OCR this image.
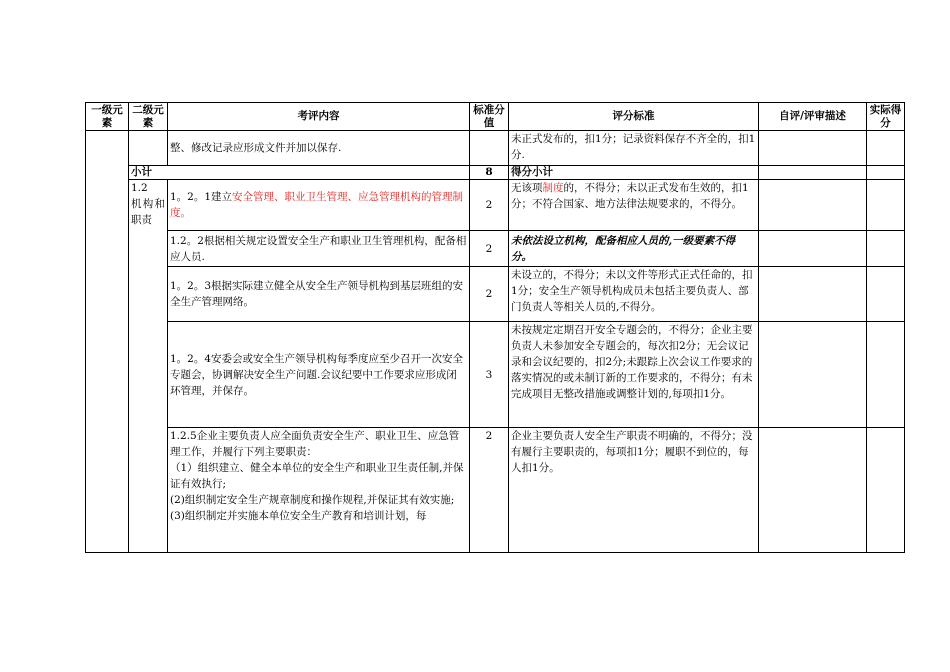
一级元素	二级元素	考评内容	标准分值	评分标准	自评/评审描述	实际得分
		整、修改记录应形成文件并加以保存.		未正式发布的，扣1分；记录资料保存不齐全的，扣1分.		
	小计		8	得分小计		
	1.2　机构和职责	1。2。1建立安全管理、职业卫生管理、应急管理机构的管理制度。	2	无该项制度的，不得分；未以正式发布生效的，扣1分；不符合国家、地方法律法规要求的，不得分。		
		1.2。2根据相关规定设置安全生产和职业卫生管理机构，配备相应人员.	2	未依法设立机构，配备相应人员的,一级要素不得分。		
		1。2。3根据实际建立健全从安全生产领导机构到基层班组的安全生产管理网络。	2	未设立的，不得分；未以文件等形式正式任命的，扣1分；安全生产领导机构成员未包括主要负责人、部门负责人等相关人员的,不得分。		
		1。2。4安委会或安全生产领导机构每季度应至少召开一次安全专题会，协调解决安全生产问题.会议纪要中工作要求应形成闭环管理，并保存。	3	未按规定定期召开安全专题会的，不得分；企业主要负责人未参加安全专题会的，每次扣2分；无会议记录和会议纪要的，扣2分;未跟踪上次会议工作要求的落实情况的或未制订新的工作要求的，不得分；有未完成项目无整改措施或调整计划的,每项扣1分。		

		1.2.5企业主要负责人应全面负责安全生产、职业卫生、应急管理工作，并履行下列主要职责：
（1）组织建立、健全本单位的安全生产和职业卫生责任制,并保证有效执行;
(2)组织制定安全生产规章制度和操作规程,并保证其有效实施;
(3)组织制定并实施本单位安全生产教育和培训计划，每	2	企业主要负责人安全生产职责不明确的，不得分；没有履行主要职责的，每项扣1分；履职不到位的，每人扣1分。		
